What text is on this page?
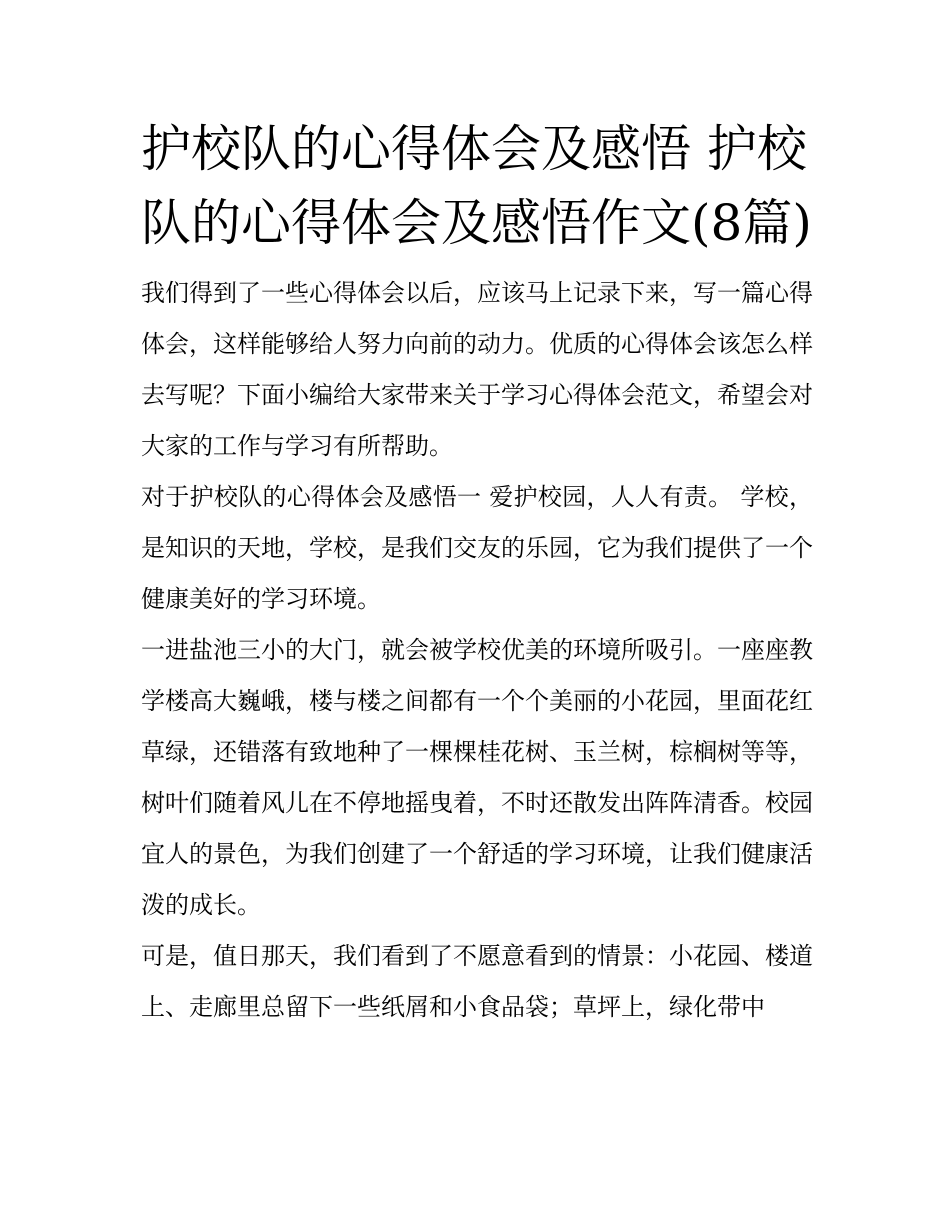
护校队的心得体会及感悟 护校队的心得体会及感悟作文(8篇)

我们得到了一些心得体会以后，应该马上记录下来，写一篇心得体会，这样能够给人努力向前的动力。优质的心得体会该怎么样去写呢？下面小编给大家带来关于学习心得体会范文，希望会对大家的工作与学习有所帮助。

对于护校队的心得体会及感悟一 爱护校园，人人有责。 学校，是知识的天地，学校，是我们交友的乐园，它为我们提供了一个健康美好的学习环境。

一进盐池三小的大门，就会被学校优美的环境所吸引。一座座教学楼高大巍峨，楼与楼之间都有一个个美丽的小花园，里面花红草绿，还错落有致地种了一棵棵桂花树、玉兰树，棕榈树等等，树叶们随着风儿在不停地摇曳着，不时还散发出阵阵清香。校园宜人的景色，为我们创建了一个舒适的学习环境，让我们健康活泼的成长。

可是，值日那天，我们看到了不愿意看到的情景：小花园、楼道上、走廊里总留下一些纸屑和小食品袋；草坪上，绿化带中
